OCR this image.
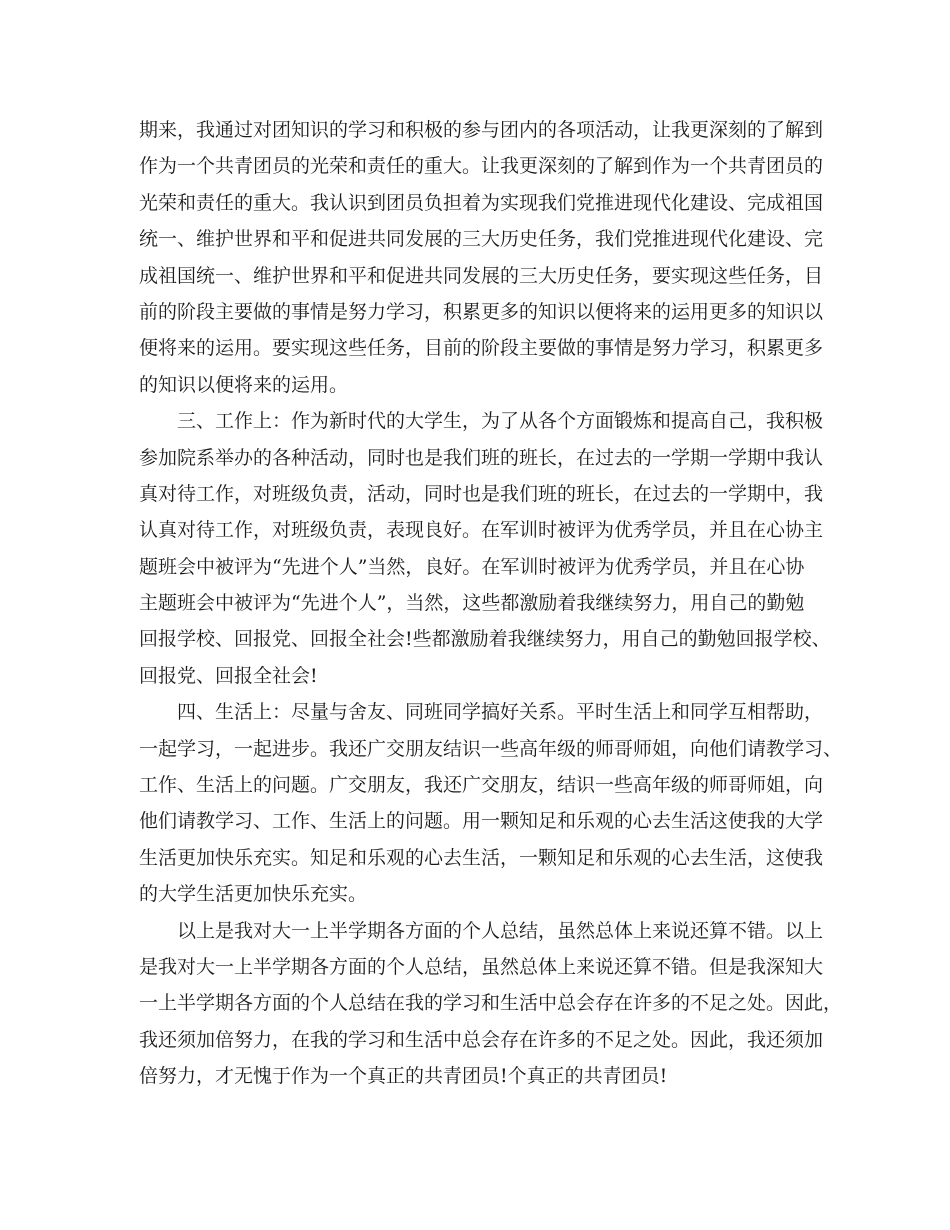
期来，我通过对团知识的学习和积极的参与团内的各项活动，让我更深刻的了解到
作为一个共青团员的光荣和责任的重大。让我更深刻的了解到作为一个共青团员的
光荣和责任的重大。我认识到团员负担着为实现我们党推进现代化建设、完成祖国
统一、维护世界和平和促进共同发展的三大历史任务，我们党推进现代化建设、完
成祖国统一、维护世界和平和促进共同发展的三大历史任务，要实现这些任务，目
前的阶段主要做的事情是努力学习，积累更多的知识以便将来的运用更多的知识以
便将来的运用。要实现这些任务，目前的阶段主要做的事情是努力学习，积累更多
的知识以便将来的运用。
三、工作上：作为新时代的大学生，为了从各个方面锻炼和提高自己，我积极
参加院系举办的各种活动，同时也是我们班的班长，在过去的一学期一学期中我认
真对待工作，对班级负责，活动，同时也是我们班的班长，在过去的一学期中，我
认真对待工作，对班级负责，表现良好。在军训时被评为优秀学员，并且在心协主
题班会中被评为“先进个人”当然，良好。在军训时被评为优秀学员，并且在心协
主题班会中被评为“先进个人”，当然，这些都激励着我继续努力，用自己的勤勉
回报学校、回报党、回报全社会!些都激励着我继续努力，用自己的勤勉回报学校、
回报党、回报全社会!
四、生活上：尽量与舍友、同班同学搞好关系。平时生活上和同学互相帮助，
一起学习，一起进步。我还广交朋友结识一些高年级的师哥师姐，向他们请教学习、
工作、生活上的问题。广交朋友，我还广交朋友，结识一些高年级的师哥师姐，向
他们请教学习、工作、生活上的问题。用一颗知足和乐观的心去生活这使我的大学
生活更加快乐充实。知足和乐观的心去生活，一颗知足和乐观的心去生活，这使我
的大学生活更加快乐充实。
以上是我对大一上半学期各方面的个人总结，虽然总体上来说还算不错。以上
是我对大一上半学期各方面的个人总结，虽然总体上来说还算不错。但是我深知大
一上半学期各方面的个人总结在我的学习和生活中总会存在许多的不足之处。因此，
我还须加倍努力，在我的学习和生活中总会存在许多的不足之处。因此，我还须加
倍努力，才无愧于作为一个真正的共青团员!个真正的共青团员!
